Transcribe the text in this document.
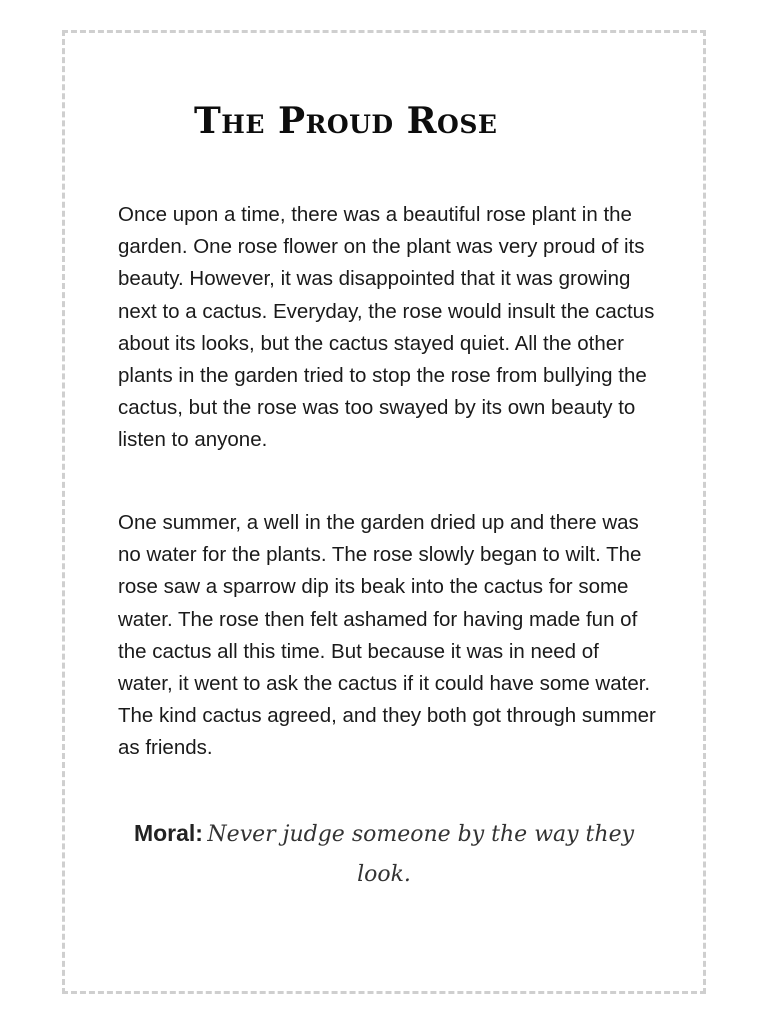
The Proud Rose

Once upon a time, there was a beautiful rose plant in the garden. One rose flower on the plant was very proud of its beauty. However, it was disappointed that it was growing next to a cactus. Everyday, the rose would insult the cactus about its looks, but the cactus stayed quiet. All the other plants in the garden tried to stop the rose from bullying the cactus, but the rose was too swayed by its own beauty to listen to anyone.

One summer, a well in the garden dried up and there was no water for the plants. The rose slowly began to wilt. The rose saw a sparrow dip its beak into the cactus for some water. The rose then felt ashamed for having made fun of the cactus all this time. But because it was in need of water, it went to ask the cactus if it could have some water. The kind cactus agreed, and they both got through summer as friends.

Moral: Never judge someone by the way they look.
